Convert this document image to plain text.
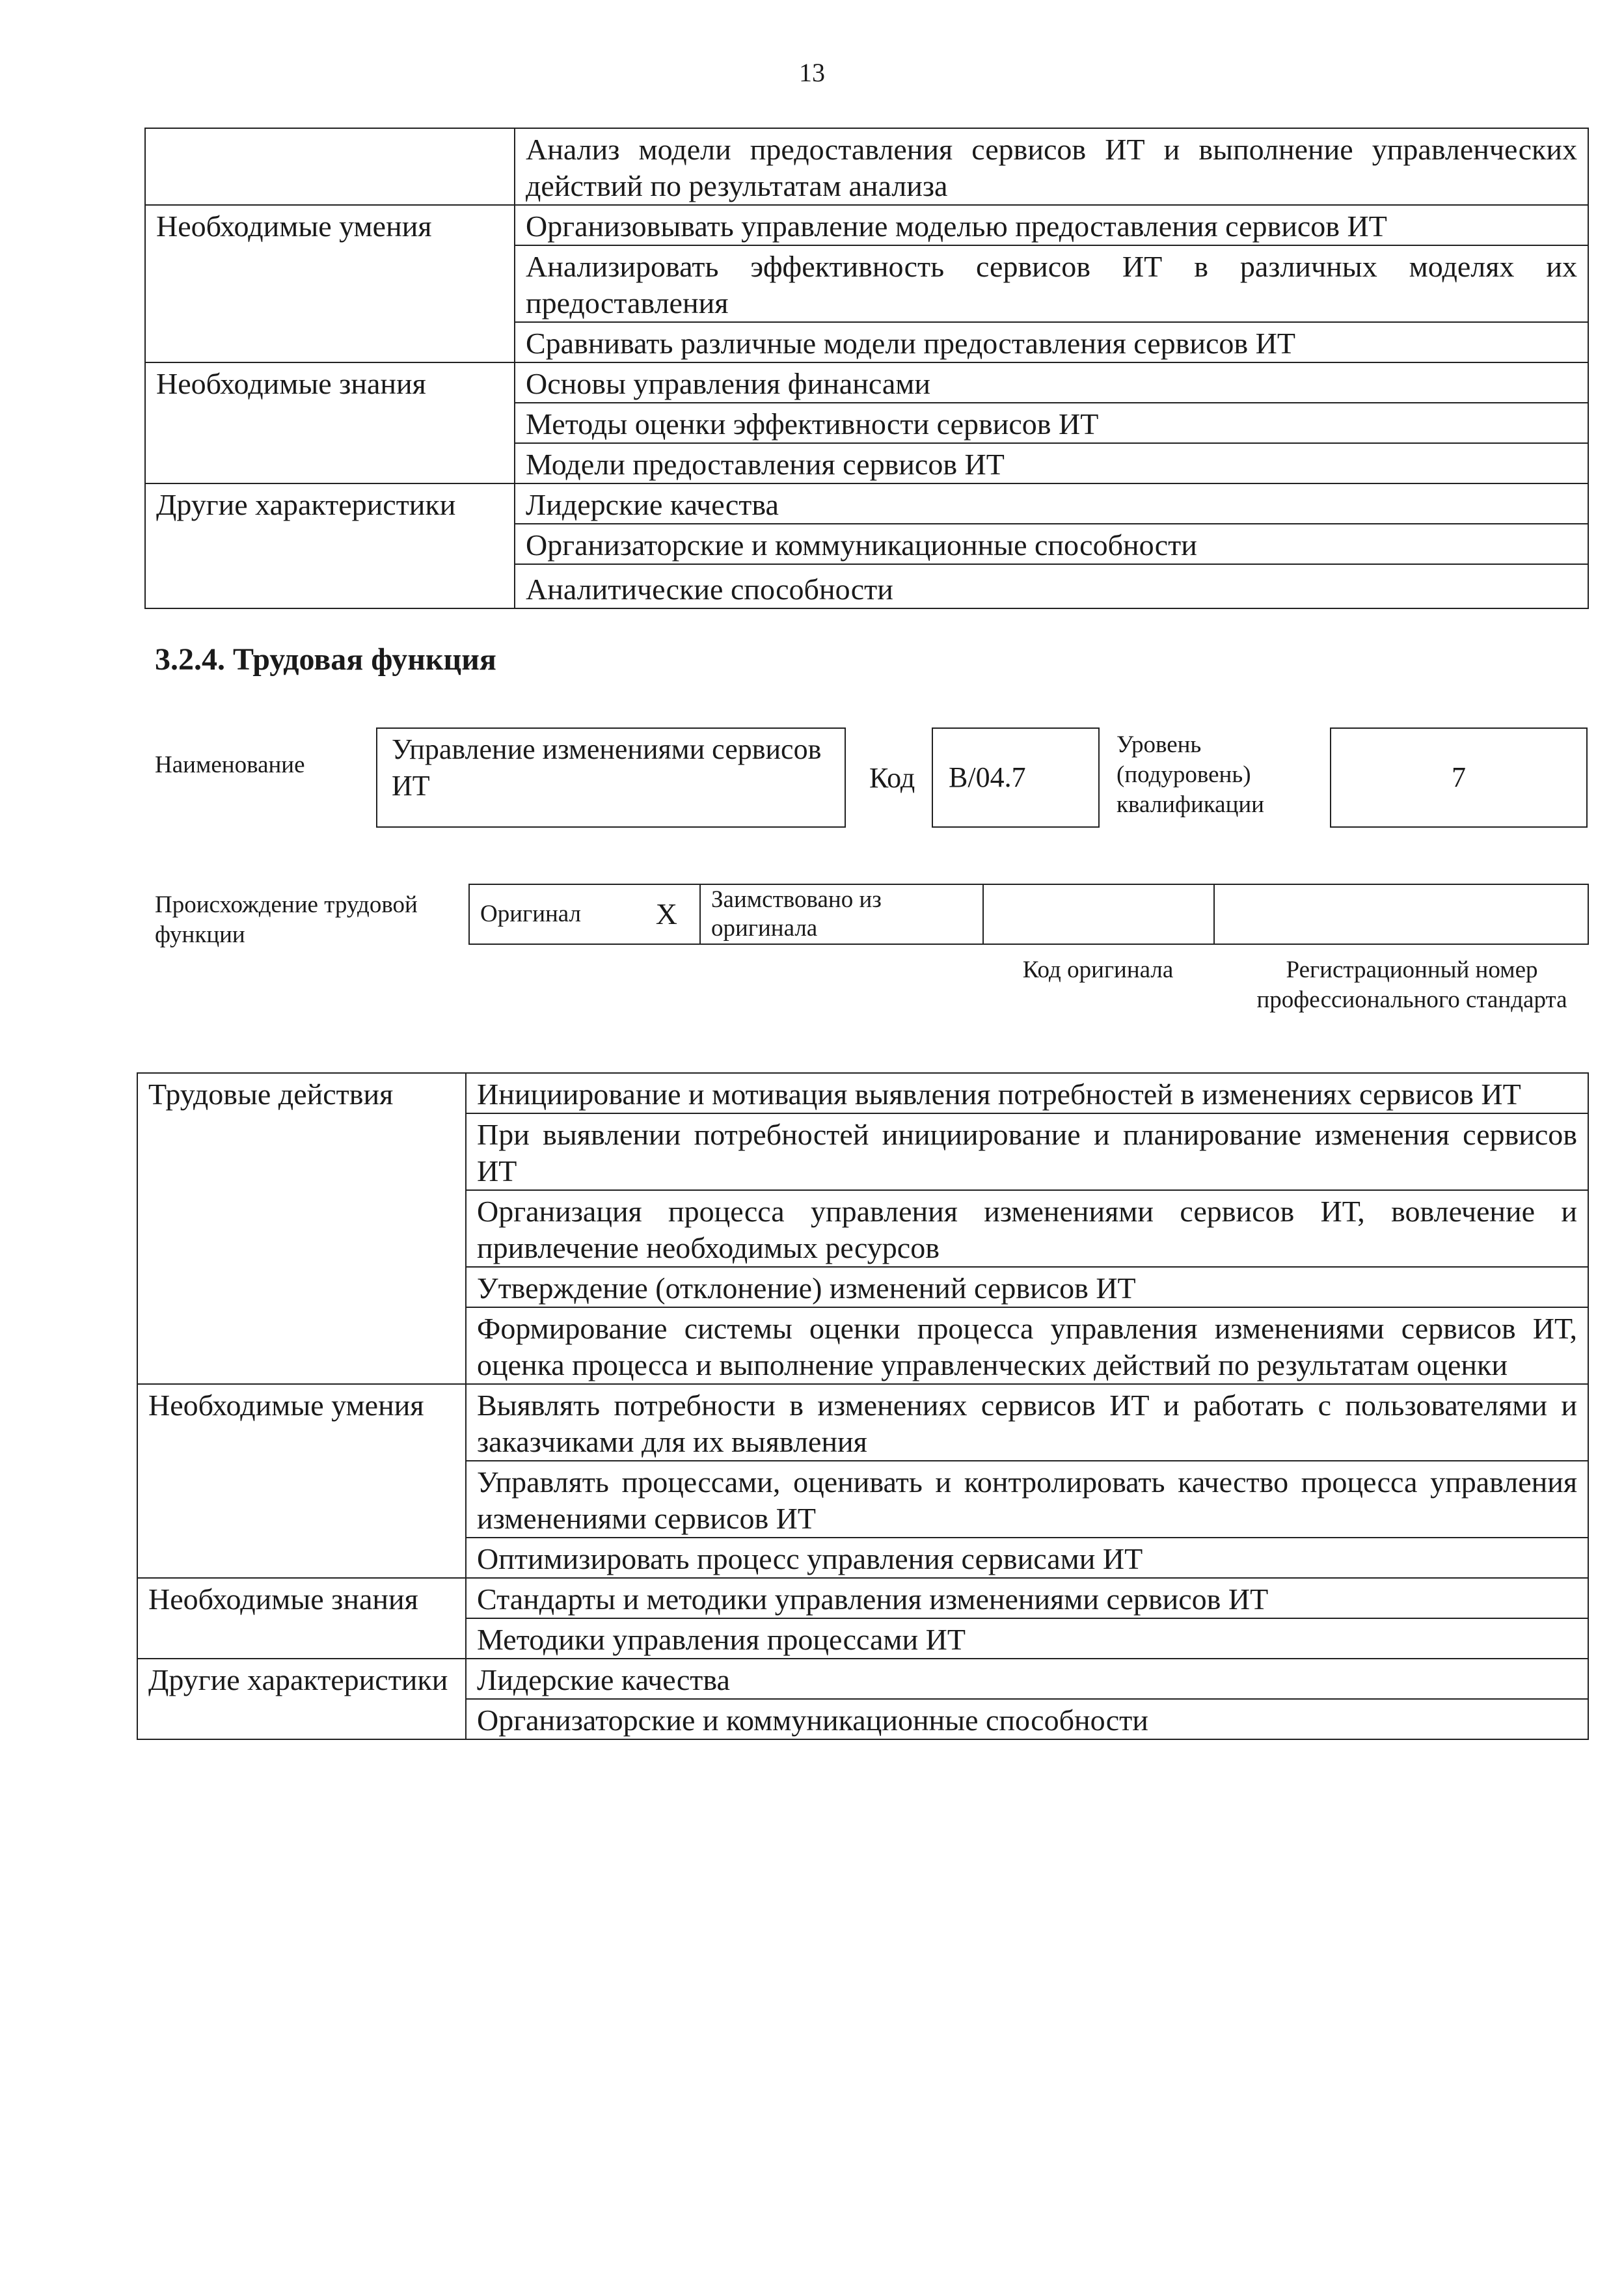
13
	Анализ модели предоставления сервисов ИТ и выполнение управленческих действий по результатам анализа
Необходимые умения	Организовывать управление моделью предоставления сервисов ИТ
	Анализировать эффективность сервисов ИТ в различных моделях их предоставления
	Сравнивать различные модели предоставления сервисов ИТ
Необходимые знания	Основы управления финансами
	Методы оценки эффективности сервисов ИТ
	Модели предоставления сервисов ИТ
Другие характеристики	Лидерские качества
	Организаторские и коммуникационные способности
	Аналитические способности
3.2.4. Трудовая функция
Наименование	Управление изменениями сервисов ИТ	Код B/04.7
Уровень (подуровень) квалификации
7
Происхождение трудовой функции
Оригинал X	Заимствовано из оригинала		
Код оригинала	Регистрационный номер профессионального стандарта
Трудовые действия	Инициирование и мотивация выявления потребностей в изменениях сервисов ИТ
	При выявлении потребностей инициирование и планирование изменения сервисов ИТ
	Организация процесса управления изменениями сервисов ИТ, вовлечение и привлечение необходимых ресурсов
	Утверждение (отклонение) изменений сервисов ИТ
	Формирование системы оценки процесса управления изменениями сервисов ИТ, оценка процесса и выполнение управленческих действий по результатам оценки
Необходимые умения	Выявлять потребности в изменениях сервисов ИТ и работать с пользователями и заказчиками для их выявления
	Управлять процессами, оценивать и контролировать качество процесса управления изменениями сервисов ИТ
	Оптимизировать процесс управления сервисами ИТ
Необходимые знания	Стандарты и методики управления изменениями сервисов ИТ
	Методики управления процессами ИТ
Другие характеристики	Лидерские качества
	Организаторские и коммуникационные способности
